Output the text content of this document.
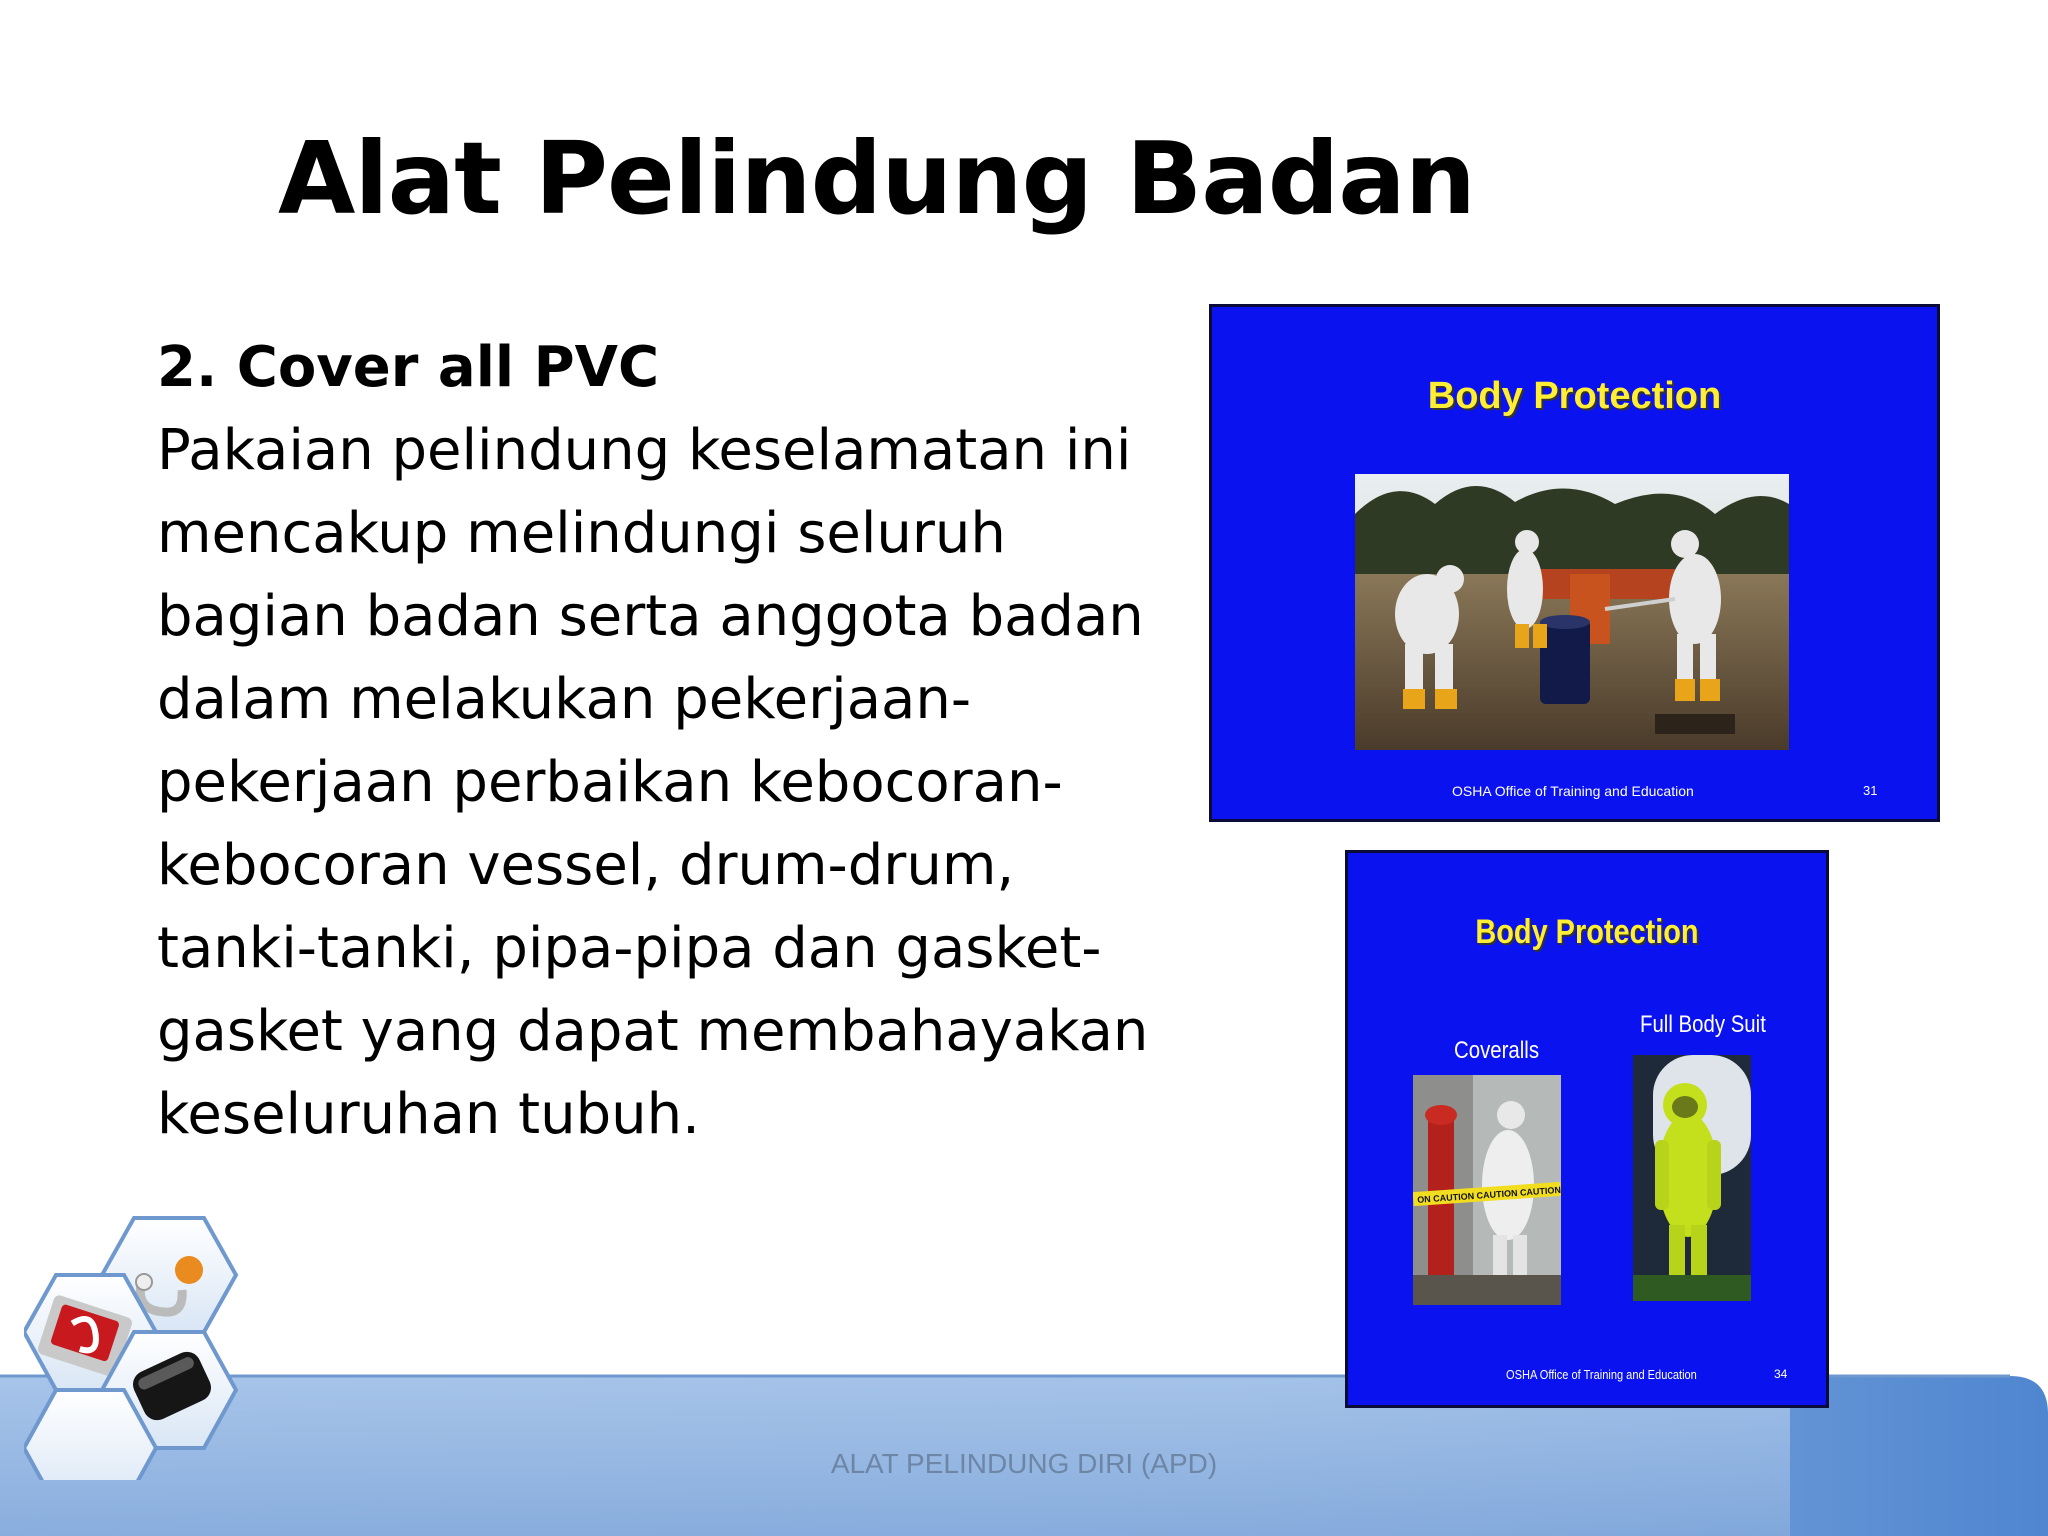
Alat Pelindung Badan
2. Cover all PVC
Pakaian pelindung keselamatan ini mencakup melindungi seluruh bagian badan serta anggota badan dalam melakukan pekerjaan-pekerjaan perbaikan kebocoran-kebocoran vessel, drum-drum, tanki-tanki, pipa-pipa dan gasket-gasket yang dapat membahayakan keseluruhan tubuh.
ALAT PELINDUNG DIRI (APD)
Body Protection
OSHA Office of Training and Education	31
Body Protection
Coveralls
Full Body Suit
ON CAUTION CAUTION CAUTION
OSHA Office of Training and Education	34
